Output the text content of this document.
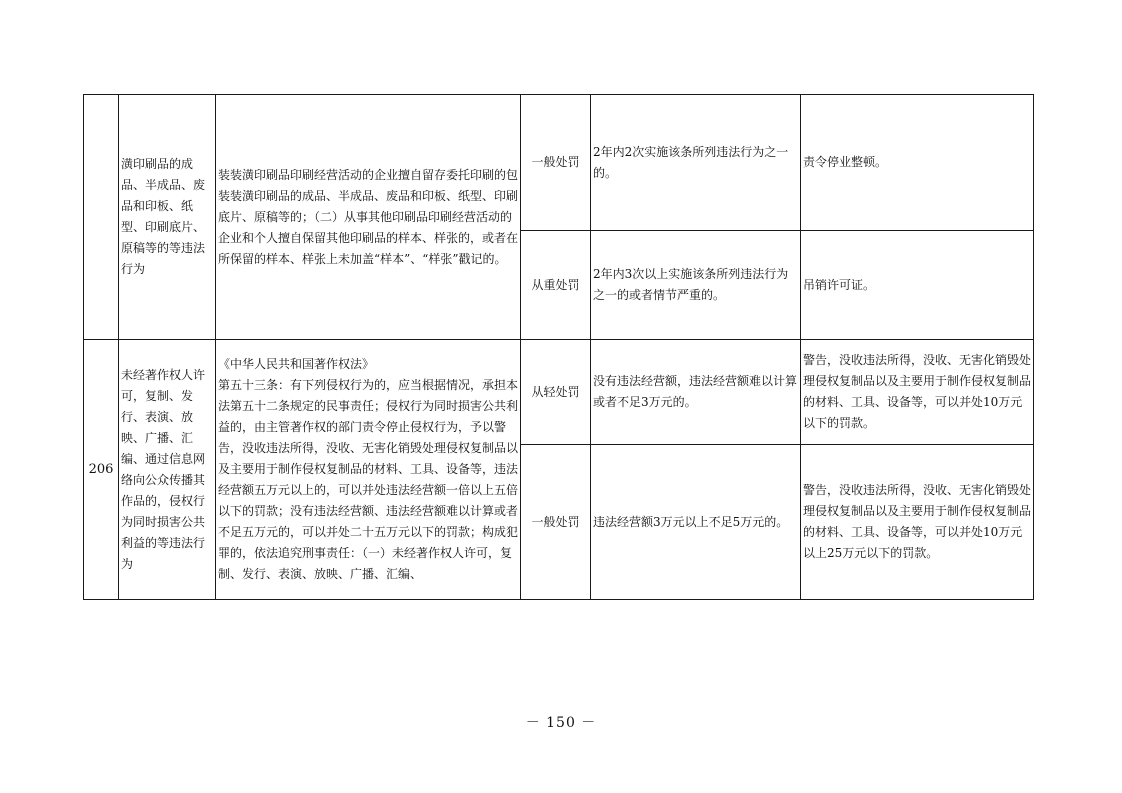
	潢印刷品的成品、半成品、废品和印板、纸型、印刷底片、原稿等的等违法行为	装装潢印刷品印刷经营活动的企业擅自留存委托印刷的包装装潢印刷品的成品、半成品、废品和印板、纸型、印刷底片、原稿等的；（二）从事其他印刷品印刷经营活动的企业和个人擅自保留其他印刷品的样本、样张的，或者在所保留的样本、样张上未加盖“样本”、“样张”戳记的。	一般处罚	2年内2次实施该条所列违法行为之一的。	责令停业整顿。
			从重处罚	2年内3次以上实施该条所列违法行为之一的或者情节严重的。	吊销许可证。
206	未经著作权人许可，复制、发行、表演、放映、广播、汇编、通过信息网络向公众传播其作品的，侵权行为同时损害公共利益的等违法行为	《中华人民共和国著作权法》
第五十三条：有下列侵权行为的，应当根据情况，承担本法第五十二条规定的民事责任；侵权行为同时损害公共利益的，由主管著作权的部门责令停止侵权行为，予以警告，没收违法所得，没收、无害化销毁处理侵权复制品以及主要用于制作侵权复制品的材料、工具、设备等，违法经营额五万元以上的，可以并处违法经营额一倍以上五倍以下的罚款；没有违法经营额、违法经营额难以计算或者不足五万元的，可以并处二十五万元以下的罚款；构成犯罪的，依法追究刑事责任：（一）未经著作权人许可，复制、发行、表演、放映、广播、汇编、	从轻处罚	没有违法经营额，违法经营额难以计算或者不足3万元的。	警告，没收违法所得，没收、无害化销毁处理侵权复制品以及主要用于制作侵权复制品的材料、工具、设备等，可以并处10万元以下的罚款。
			一般处罚	违法经营额3万元以上不足5万元的。	警告，没收违法所得，没收、无害化销毁处理侵权复制品以及主要用于制作侵权复制品的材料、工具、设备等，可以并处10万元以上25万元以下的罚款。
－ 150 －
